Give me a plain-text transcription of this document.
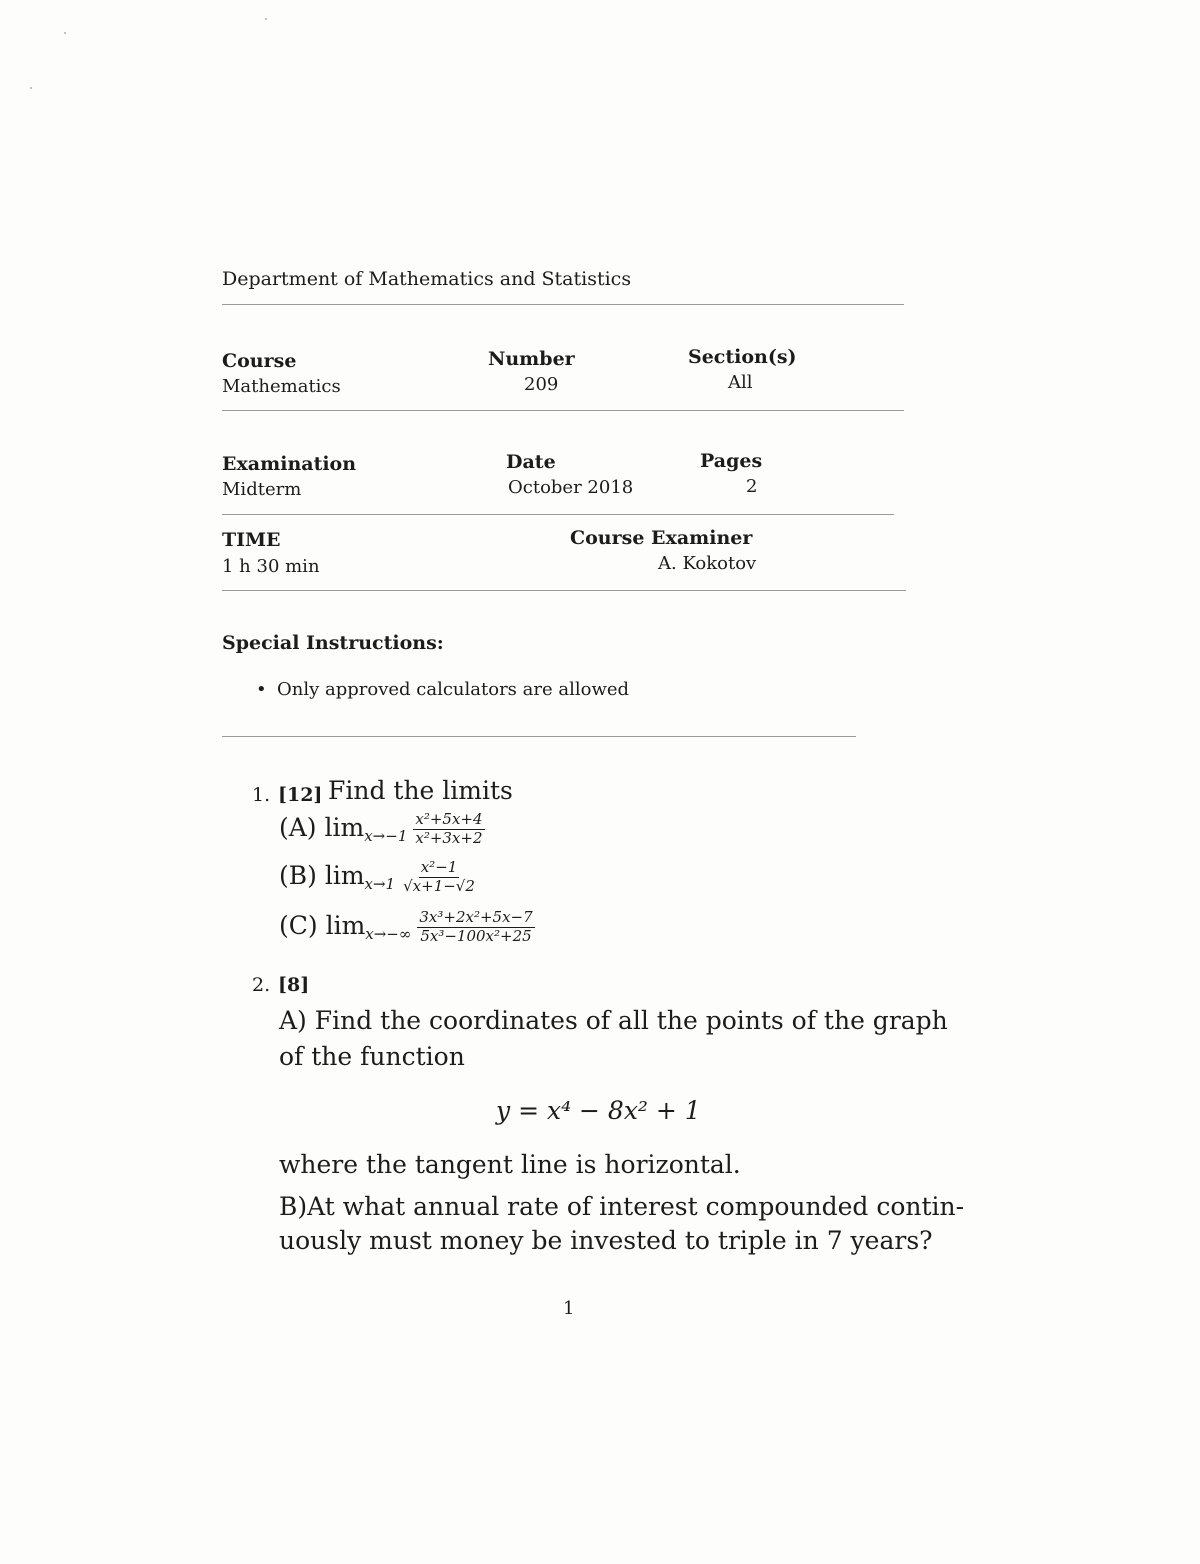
Department of Mathematics and Statistics
Course
Mathematics
Number
209
Section(s)
All
Examination
Midterm
Date
October 2018
Pages
2
TIME
1 h 30 min
Course Examiner
A. Kokotov
Special Instructions:
• Only approved calculators are allowed
1. [12] Find the limits
(A) $\lim_{x\to-1} \frac{\text{x²+5x+4}}{\text{x²+3x+2}}$
(B) $\lim_{x\to 1} \frac{\text{x²−1}}{√x+1-√2}$
(C) $\lim_{x\to-\infty} \frac{\text{3x³+2x²+5x−7}}{\text{5x³−100x²+25}}$
2. [8]
A) Find the coordinates of all the points of the graph
of the function
y = x⁴ − 8x² + 1
where the tangent line is horizontal.
B)At what annual rate of interest compounded contin-
uously must money be invested to triple in 7 years?
1
